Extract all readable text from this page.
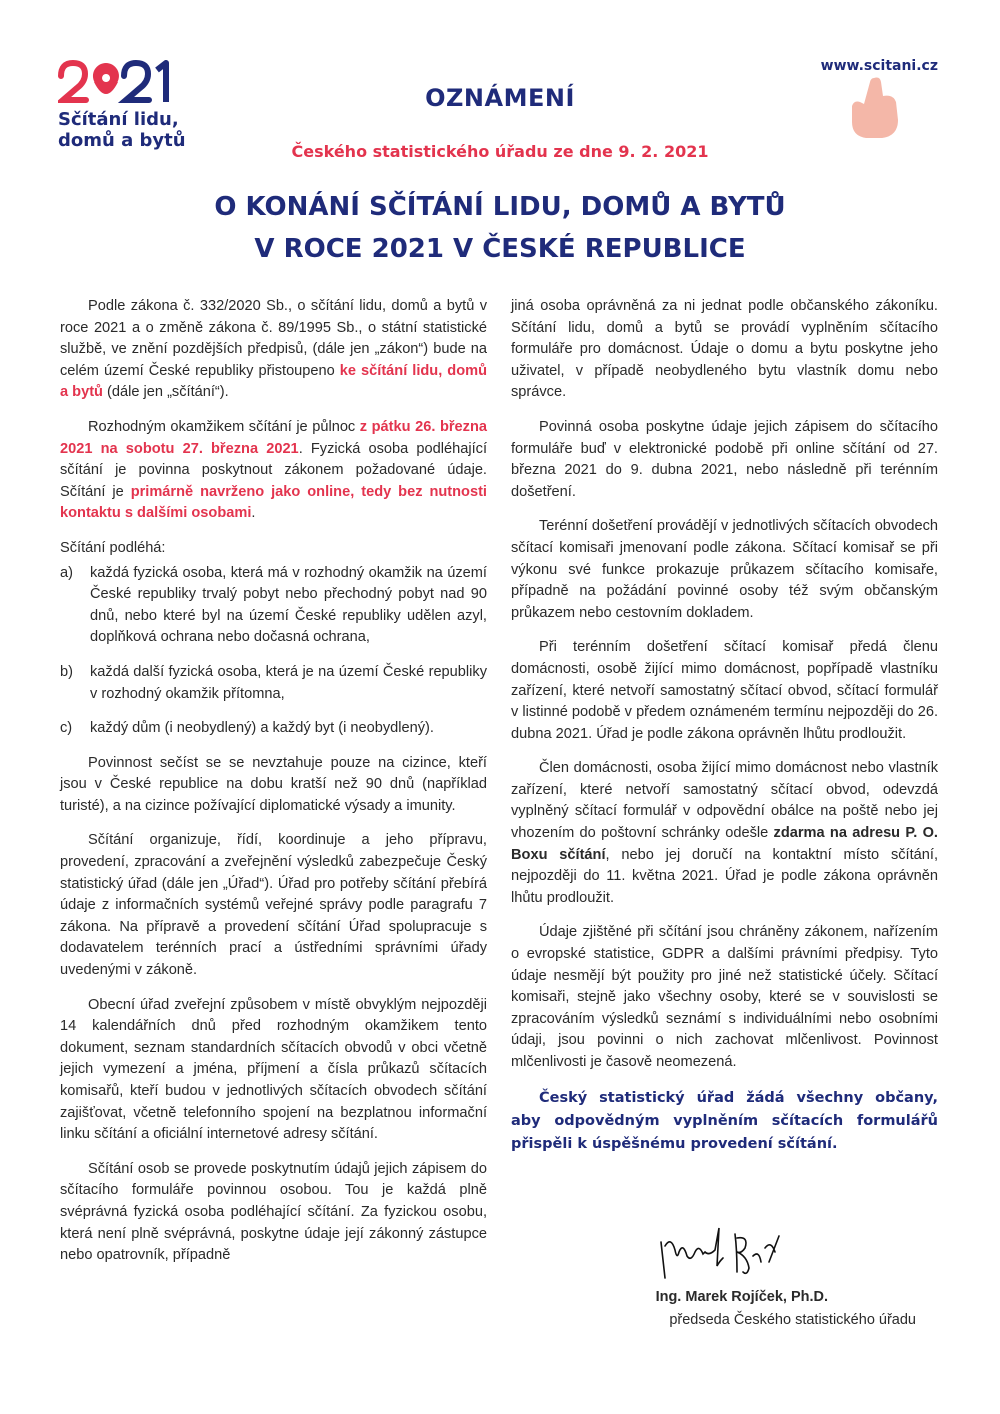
Sčítání lidu,
domů a bytů
www.scitani.cz
OZNÁMENÍ
Českého statistického úřadu ze dne 9. 2. 2021
O KONÁNÍ SČÍTÁNÍ LIDU, DOMŮ A BYTŮ
V ROCE 2021 V ČESKÉ REPUBLICE

Podle zákona č. 332/2020 Sb., o sčítání lidu, domů a bytů v roce 2021 a o změně zákona č. 89/1995 Sb., o státní statistické službě, ve znění pozdějších předpisů, (dále jen „zákon“) bude na celém území České republiky přistoupeno ke sčítání lidu, domů a bytů (dále jen „sčítání“).

Rozhodným okamžikem sčítání je půlnoc z pátku 26. března 2021 na sobotu 27. března 2021. Fyzická osoba podléhající sčítání je povinna poskytnout zákonem požadované údaje. Sčítání je primárně navrženo jako online, tedy bez nutnosti kontaktu s dalšími osobami.

Sčítání podléhá:

a) každá fyzická osoba, která má v rozhodný okamžik na území České republiky trvalý pobyt nebo přechodný pobyt nad 90 dnů, nebo které byl na území České republiky udělen azyl, doplňková ochrana nebo dočasná ochrana,
b) každá další fyzická osoba, která je na území České republiky v rozhodný okamžik přítomna,
c) každý dům (i neobydlený) a každý byt (i neobydlený).

Povinnost sečíst se se nevztahuje pouze na cizince, kteří jsou v České republice na dobu kratší než 90 dnů (například turisté), a na cizince požívající diplomatické výsady a imunity.

Sčítání organizuje, řídí, koordinuje a jeho přípravu, provedení, zpracování a zveřejnění výsledků zabezpečuje Český statistický úřad (dále jen „Úřad“). Úřad pro potřeby sčítání přebírá údaje z informačních systémů veřejné správy podle paragrafu 7 zákona. Na přípravě a provedení sčítání Úřad spolupracuje s dodavatelem terénních prací a ústředními správními úřady uvedenými v zákoně.

Obecní úřad zveřejní způsobem v místě obvyklým nejpozději 14 kalendářních dnů před rozhodným okamžikem tento dokument, seznam standardních sčítacích obvodů v obci včetně jejich vymezení a jména, příjmení a čísla průkazů sčítacích komisařů, kteří budou v jednotlivých sčítacích obvodech sčítání zajišťovat, včetně telefonního spojení na bezplatnou informační linku sčítání a oficiální internetové adresy sčítání.

Sčítání osob se provede poskytnutím údajů jejich zápisem do sčítacího formuláře povinnou osobou. Tou je každá plně svéprávná fyzická osoba podléhající sčítání. Za fyzickou osobu, která není plně svéprávná, poskytne údaje její zákonný zástupce nebo opatrovník, případně

jiná osoba oprávněná za ni jednat podle občanského zákoníku. Sčítání lidu, domů a bytů se provádí vyplněním sčítacího formuláře pro domácnost. Údaje o domu a bytu poskytne jeho uživatel, v případě neobydleného bytu vlastník domu nebo správce.

Povinná osoba poskytne údaje jejich zápisem do sčítacího formuláře buď v elektronické podobě při online sčítání od 27. března 2021 do 9. dubna 2021, nebo následně při terénním došetření.

Terénní došetření provádějí v jednotlivých sčítacích obvodech sčítací komisaři jmenovaní podle zákona. Sčítací komisař se při výkonu své funkce prokazuje průkazem sčítacího komisaře, případně na požádání povinné osoby též svým občanským průkazem nebo cestovním dokladem.

Při terénním došetření sčítací komisař předá členu domácnosti, osobě žijící mimo domácnost, popřípadě vlastníku zařízení, které netvoří samostatný sčítací obvod, sčítací formulář v listinné podobě v předem oznámeném termínu nejpozději do 26. dubna 2021. Úřad je podle zákona oprávněn lhůtu prodloužit.

Člen domácnosti, osoba žijící mimo domácnost nebo vlastník zařízení, které netvoří samostatný sčítací obvod, odevzdá vyplněný sčítací formulář v odpovědní obálce na poště nebo jej vhozením do poštovní schránky odešle zdarma na adresu P. O. Boxu sčítání, nebo jej doručí na kontaktní místo sčítání, nejpozději do 11. května 2021. Úřad je podle zákona oprávněn lhůtu prodloužit.

Údaje zjištěné při sčítání jsou chráněny zákonem, nařízením o evropské statistice, GDPR a dalšími právními předpisy. Tyto údaje nesmějí být použity pro jiné než statistické účely. Sčítací komisaři, stejně jako všechny osoby, které se v souvislosti se zpracováním výsledků seznámí s individuálními nebo osobními údaji, jsou povinni o nich zachovat mlčenlivost. Povinnost mlčenlivosti je časově neomezená.

Český statistický úřad žádá všechny občany, aby odpovědným vyplněním sčítacích formulářů přispěli k úspěšnému provedení sčítání.

Ing. Marek Rojíček, Ph.D.
předseda Českého statistického úřadu
